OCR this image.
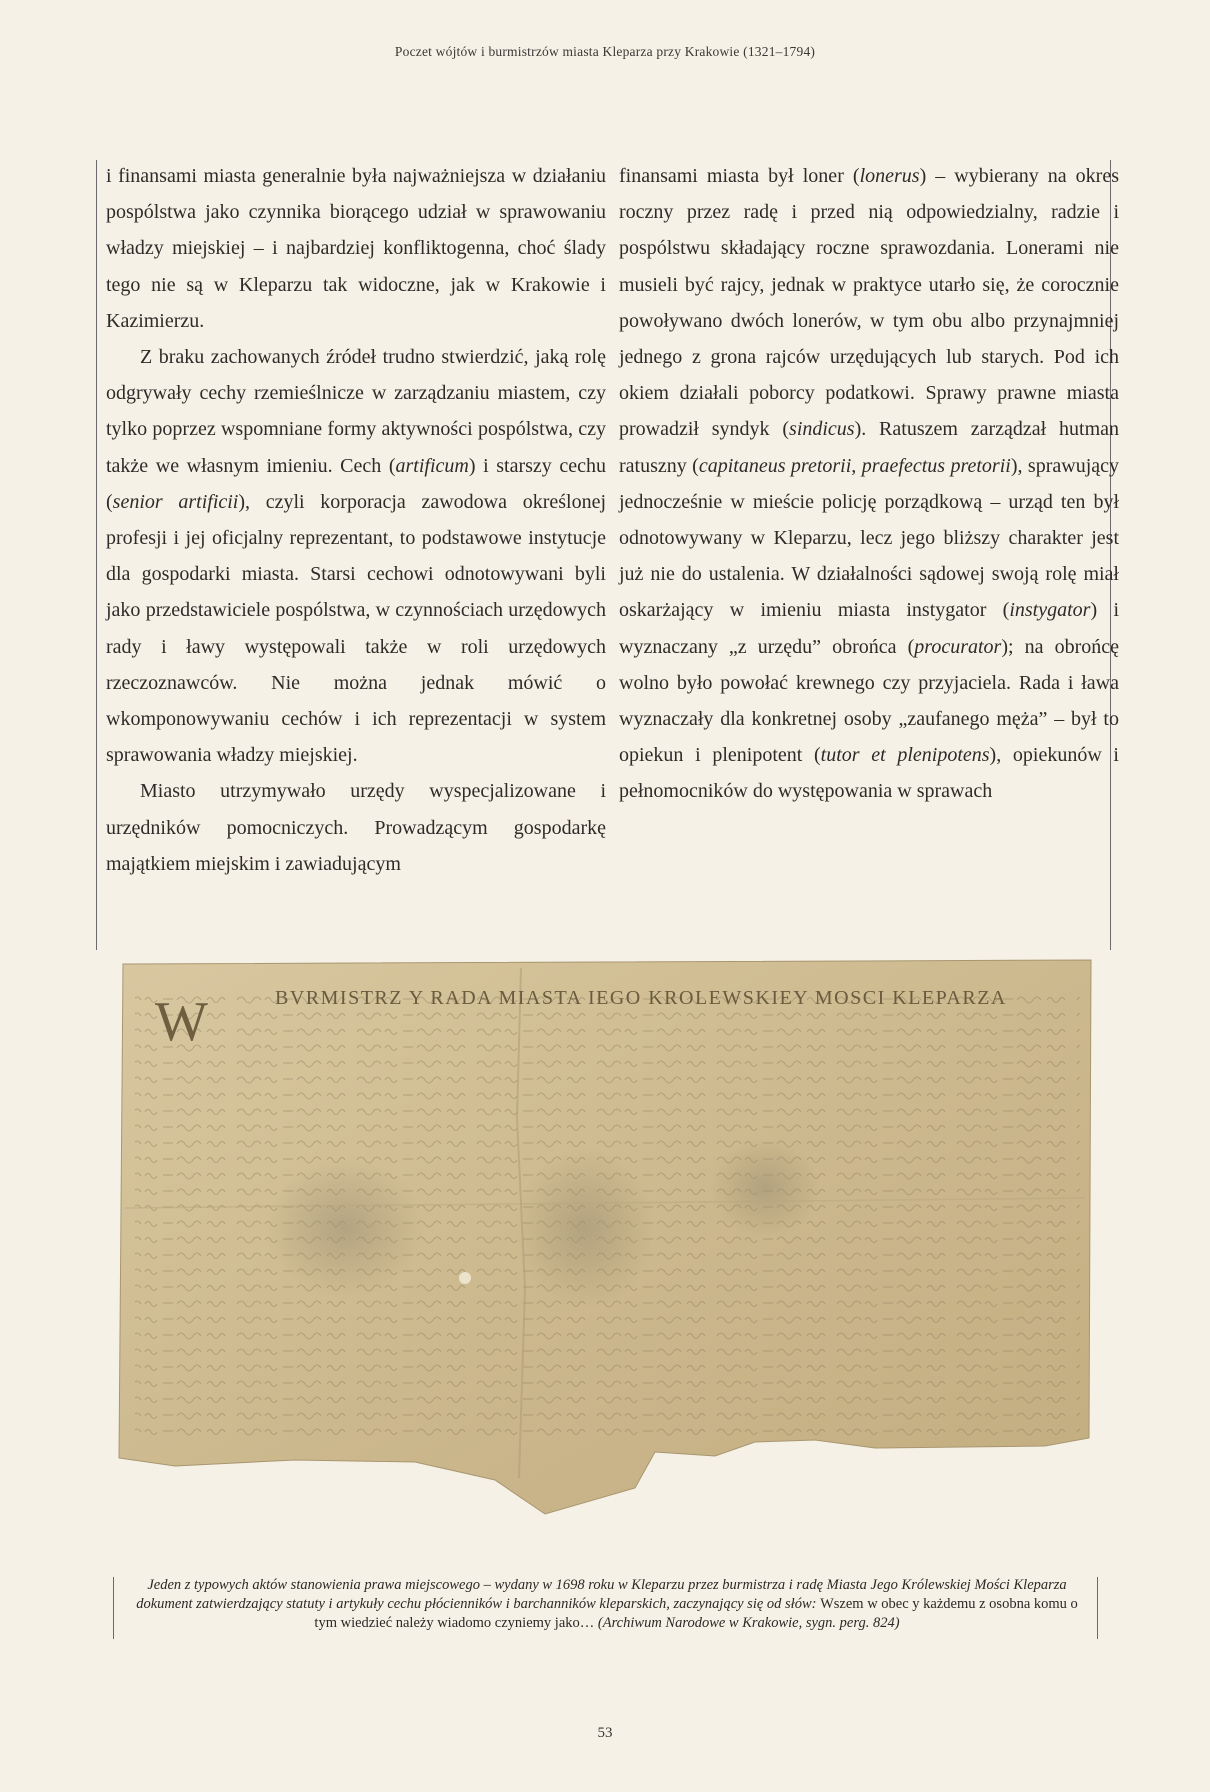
Poczet wójtów i burmistrzów miasta Kleparza przy Krakowie (1321–1794)

i finansami miasta generalnie była najważniejsza w działaniu pospólstwa jako czynnika biorącego udział w sprawowaniu władzy miejskiej – i najbardziej konfliktogenna, choć ślady tego nie są w Kleparzu tak widoczne, jak w Krakowie i Kazimierzu.

Z braku zachowanych źródeł trudno stwierdzić, jaką rolę odgrywały cechy rzemieślnicze w zarządzaniu miastem, czy tylko poprzez wspomniane formy aktywności pospólstwa, czy także we własnym imieniu. Cech (artificum) i starszy cechu (senior artificii), czyli korporacja zawodowa określonej profesji i jej oficjalny reprezentant, to podstawowe instytucje dla gospodarki miasta. Starsi cechowi odnotowywani byli jako przedstawiciele pospólstwa, w czynnościach urzędowych rady i ławy występowali także w roli urzędowych rzeczoznawców. Nie można jednak mówić o wkomponowywaniu cechów i ich reprezentacji w system sprawowania władzy miejskiej.

Miasto utrzymywało urzędy wyspecjalizowane i urzędników pomocniczych. Prowadzącym gospodarkę majątkiem miejskim i zawiadującym

finansami miasta był loner (lonerus) – wybierany na okres roczny przez radę i przed nią odpowiedzialny, radzie i pospólstwu składający roczne sprawozdania. Lonerami nie musieli być rajcy, jednak w praktyce utarło się, że corocznie powoływano dwóch lonerów, w tym obu albo przynajmniej jednego z grona rajców urzędujących lub starych. Pod ich okiem działali poborcy podatkowi. Sprawy prawne miasta prowadził syndyk (sindicus). Ratuszem zarządzał hutman ratuszny (capitaneus pretorii, praefectus pretorii), sprawujący jednocześnie w mieście policję porządkową – urząd ten był odnotowywany w Kleparzu, lecz jego bliższy charakter jest już nie do ustalenia. W działalności sądowej swoją rolę miał oskarżający w imieniu miasta instygator (instygator) i wyznaczany „z urzędu” obrońca (procurator); na obrońcę wolno było powołać krewnego czy przyjaciela. Rada i ława wyznaczały dla konkretnej osoby „zaufanego męża” – był to opiekun i plenipotent (tutor et plenipotens), opiekunów i pełnomocników do występowania w sprawach

W	BVRMISTRZ Y RADA MIASTA IEGO KROLEWSKIEY MOSCI KLEPARZA
Jeden z typowych aktów stanowienia prawa miejscowego – wydany w 1698 roku w Kleparzu przez burmistrza i radę Miasta Jego Królewskiej Mości Kleparza dokument zatwierdzający statuty i artykuły cechu płócienników i barchanników kleparskich, zaczynający się od słów: Wszem w obec y każdemu z osobna komu o tym wiedzieć należy wiadomo czyniemy jako… (Archiwum Narodowe w Krakowie, sygn. perg. 824)
53
